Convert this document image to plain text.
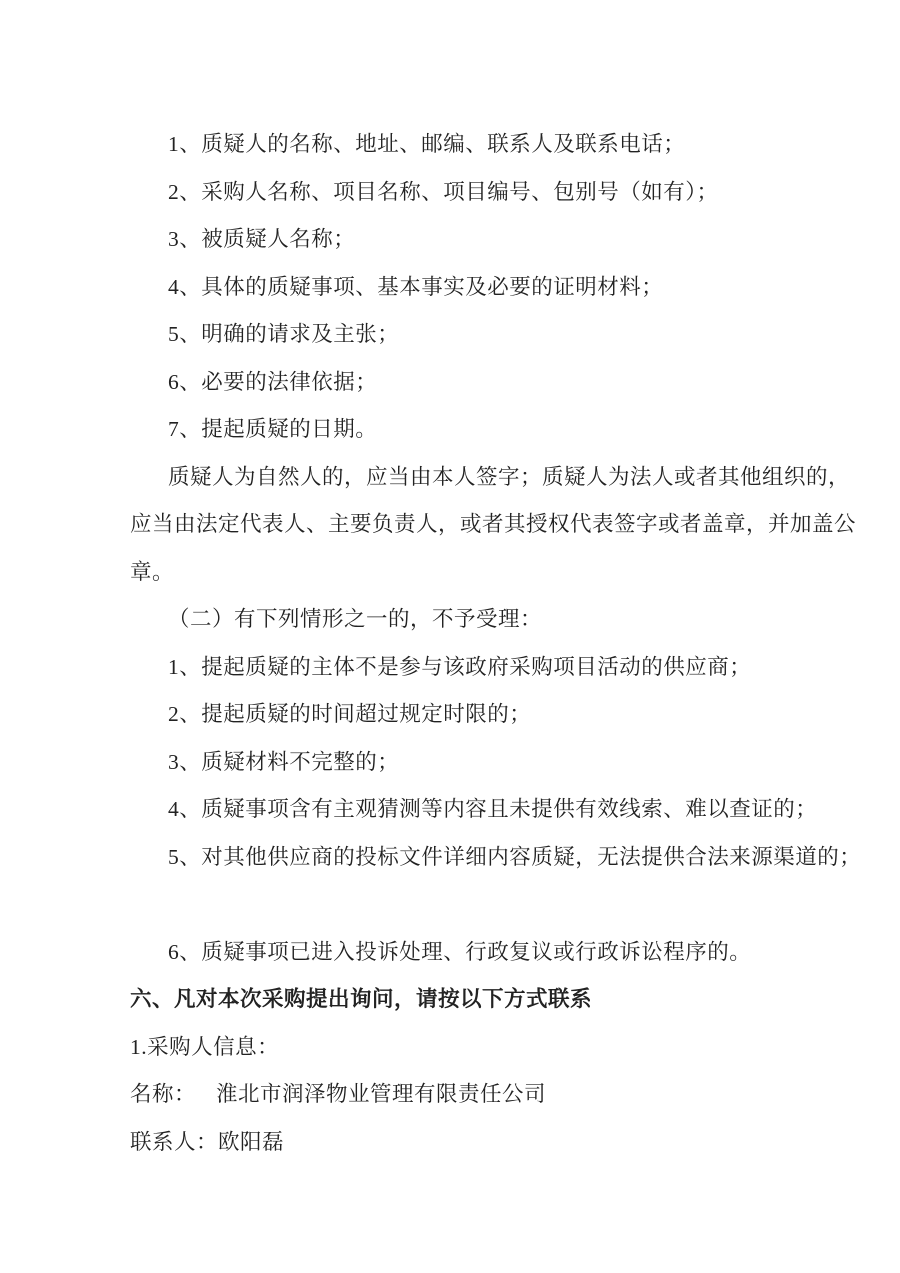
1、质疑人的名称、地址、邮编、联系人及联系电话；
2、采购人名称、项目名称、项目编号、包别号（如有）；
3、被质疑人名称；
4、具体的质疑事项、基本事实及必要的证明材料；
5、明确的请求及主张；
6、必要的法律依据；
7、提起质疑的日期。
质疑人为自然人的，应当由本人签字；质疑人为法人或者其他组织的，
应当由法定代表人、主要负责人，或者其授权代表签字或者盖章，并加盖公
章。
（二）有下列情形之一的，不予受理：
1、提起质疑的主体不是参与该政府采购项目活动的供应商；
2、提起质疑的时间超过规定时限的；
3、质疑材料不完整的；
4、质疑事项含有主观猜测等内容且未提供有效线索、难以查证的；
5、对其他供应商的投标文件详细内容质疑，无法提供合法来源渠道的；
6、质疑事项已进入投诉处理、行政复议或行政诉讼程序的。
六、凡对本次采购提出询问，请按以下方式联系
1.采购人信息：
名称： 淮北市润泽物业管理有限责任公司
联系人：欧阳磊
